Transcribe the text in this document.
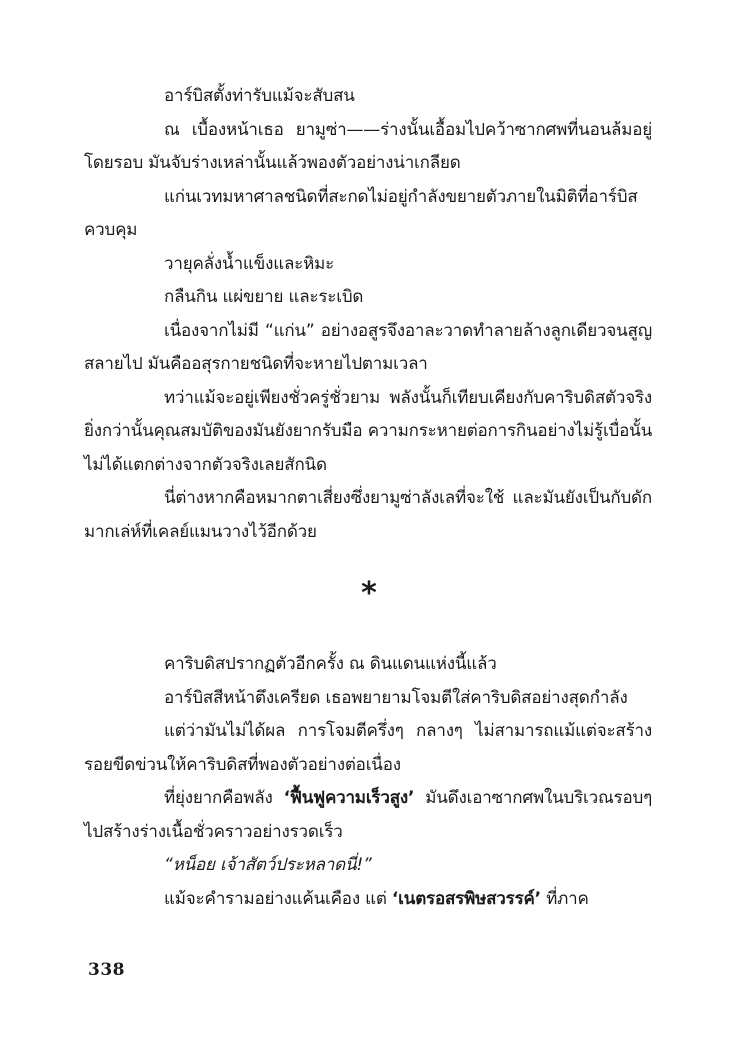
อาร์บิสตั้งท่ารับแม้จะสับสน

ณ เบื้องหน้าเธอ ยามูซ่า——ร่างนั้นเอื้อมไปคว้าซากศพที่นอนล้มอยู่โดยรอบ มันจับร่างเหล่านั้นแล้วพองตัวอย่างน่าเกลียด

แก่นเวทมหาศาลชนิดที่สะกดไม่อยู่กำลังขยายตัวภายในมิติที่อาร์บิสควบคุม

วายุคลั่งน้ำแข็งและหิมะ

กลืนกิน แผ่ขยาย และระเบิด

เนื่องจากไม่มี “แก่น” อย่างอสูรจึงอาละวาดทำลายล้างลูกเดียวจนสูญสลายไป มันคืออสุรกายชนิดที่จะหายไปตามเวลา

ทว่าแม้จะอยู่เพียงชั่วครู่ชั่วยาม พลังนั้นก็เทียบเคียงกับคาริบดิสตัวจริง ยิ่งกว่านั้นคุณสมบัติของมันยังยากรับมือ ความกระหายต่อการกินอย่างไม่รู้เบื่อนั้นไม่ได้แตกต่างจากตัวจริงเลยสักนิด

นี่ต่างหากคือหมากตาเสี่ยงซึ่งยามูซ่าลังเลที่จะใช้ และมันยังเป็นกับดักมากเล่ห์ที่เคลย์แมนวางไว้อีกด้วย

*

คาริบดิสปรากฏตัวอีกครั้ง ณ ดินแดนแห่งนี้แล้ว

อาร์บิสสีหน้าตึงเครียด เธอพยายามโจมตีใส่คาริบดิสอย่างสุดกำลัง

แต่ว่ามันไม่ได้ผล การโจมตีครึ่งๆ กลางๆ ไม่สามารถแม้แต่จะสร้างรอยขีดข่วนให้คาริบดิสที่พองตัวอย่างต่อเนื่อง

ที่ยุ่งยากคือพลัง ‘ฟื้นฟูความเร็วสูง’ มันดึงเอาซากศพในบริเวณรอบๆ ไปสร้างร่างเนื้อชั่วคราวอย่างรวดเร็ว

“หน็อย เจ้าสัตว์ประหลาดนี่!”

แม้จะคำรามอย่างแค้นเคือง แต่ ‘เนตรอสรพิษสวรรค์’ ที่ภาค

338
